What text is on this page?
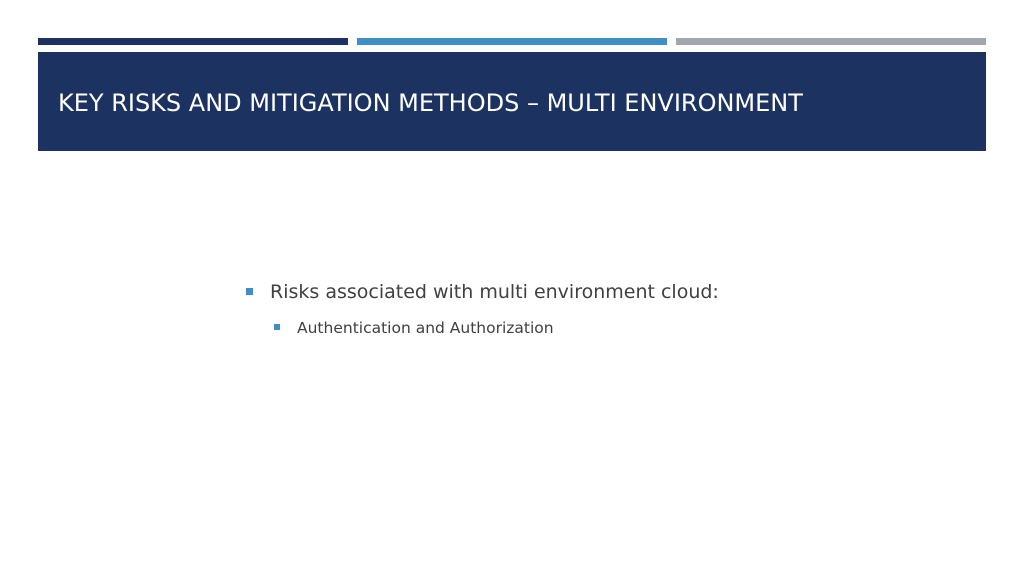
KEY RISKS AND MITIGATION METHODS – MULTI ENVIRONMENT
Risks associated with multi environment cloud:
Authentication and Authorization
